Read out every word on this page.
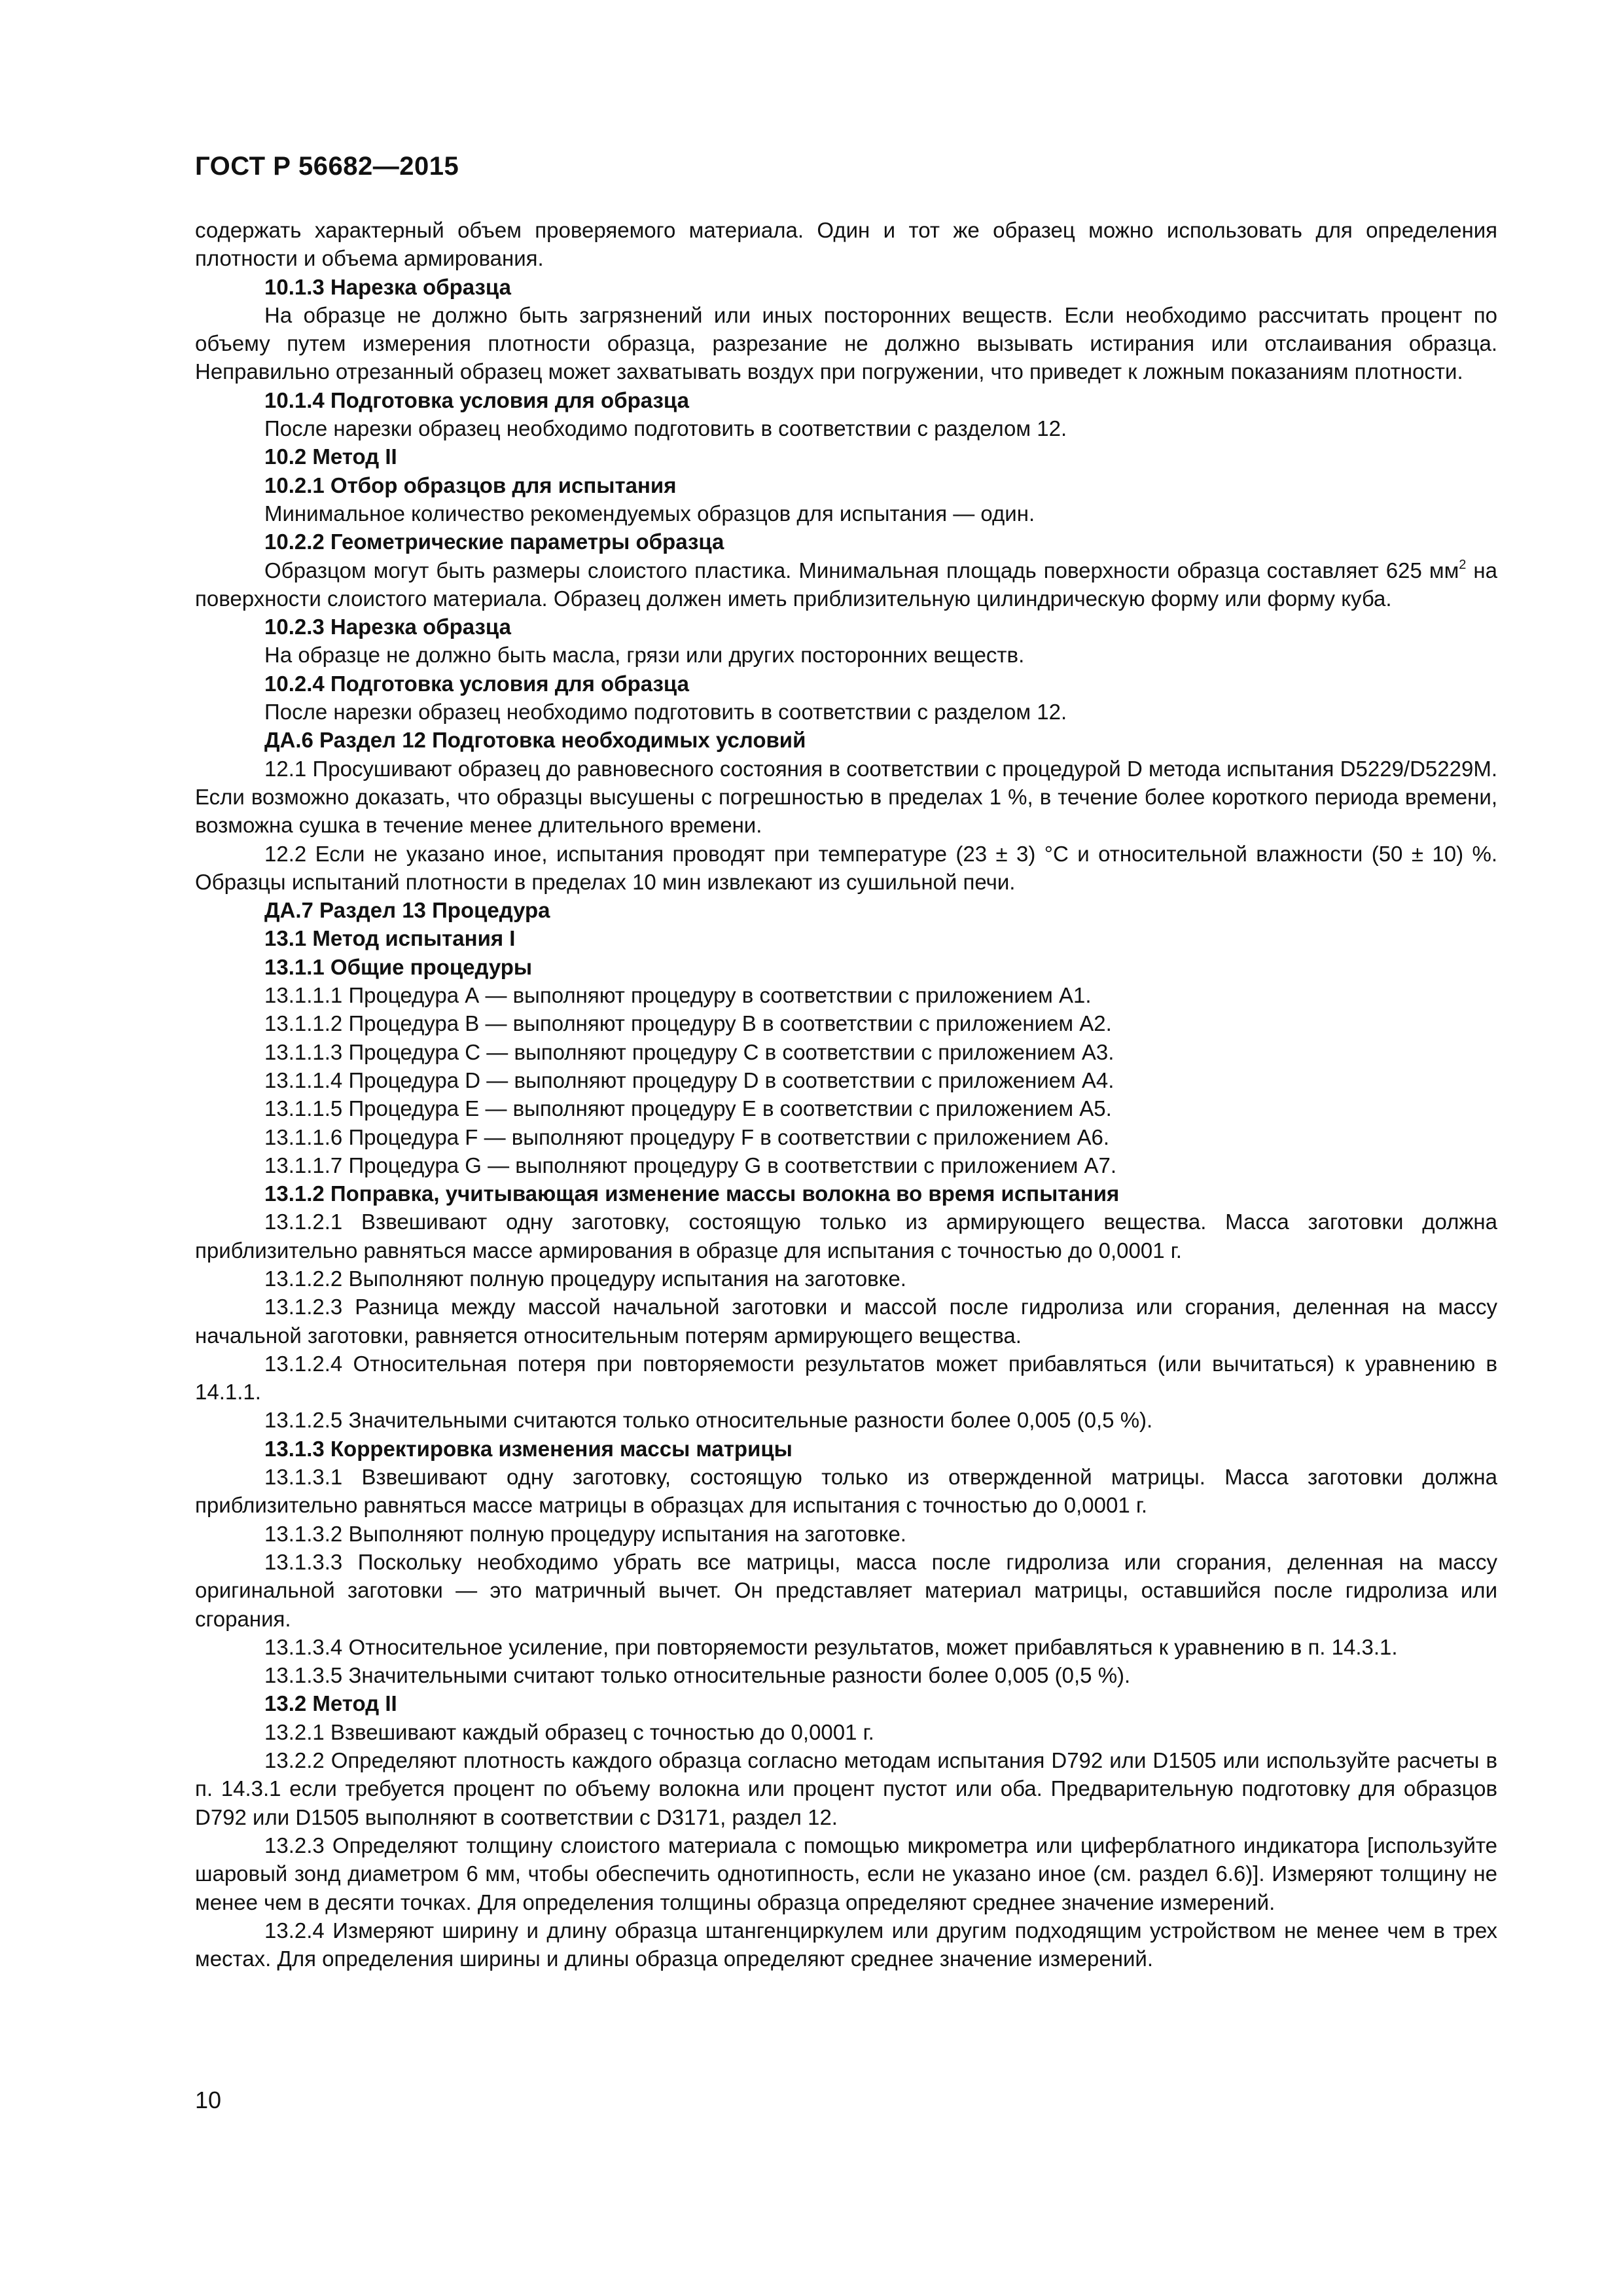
ГОСТ Р 56682—2015

содержать характерный объем проверяемого материала. Один и тот же образец можно использовать для определения плотности и объема армирования.

10.1.3 Нарезка образца

На образце не должно быть загрязнений или иных посторонних веществ. Если необходимо рассчитать процент по объему путем измерения плотности образца, разрезание не должно вызывать истирания или отслаивания образца. Неправильно отрезанный образец может захватывать воздух при погружении, что приведет к ложным показаниям плотности.

10.1.4 Подготовка условия для образца

После нарезки образец необходимо подготовить в соответствии с разделом 12.

10.2 Метод II

10.2.1 Отбор образцов для испытания

Минимальное количество рекомендуемых образцов для испытания — один.

10.2.2 Геометрические параметры образца

Образцом могут быть размеры слоистого пластика. Минимальная площадь поверхности образца составляет 625 $мм^2$ на поверхности слоистого материала. Образец должен иметь приблизительную цилиндрическую форму или форму куба.

10.2.3 Нарезка образца

На образце не должно быть масла, грязи или других посторонних веществ.

10.2.4 Подготовка условия для образца

После нарезки образец необходимо подготовить в соответствии с разделом 12.

ДА.6 Раздел 12 Подготовка необходимых условий

12.1 Просушивают образец до равновесного состояния в соответствии с процедурой D метода испытания D5229/D5229M. Если возможно доказать, что образцы высушены с погрешностью в пределах 1 %, в течение более короткого периода времени, возможна сушка в течение менее длительного времени.

12.2 Если не указано иное, испытания проводят при температуре (23 ± 3) °С и относительной влажности (50 ± 10) %. Образцы испытаний плотности в пределах 10 мин извлекают из сушильной печи.

ДА.7 Раздел 13 Процедура

13.1 Метод испытания I

13.1.1 Общие процедуры

13.1.1.1 Процедура А — выполняют процедуру в соответствии с приложением А1.

13.1.1.2 Процедура В — выполняют процедуру В в соответствии с приложением А2.

13.1.1.3 Процедура С — выполняют процедуру С в соответствии с приложением А3.

13.1.1.4 Процедура D — выполняют процедуру D в соответствии с приложением А4.

13.1.1.5 Процедура Е — выполняют процедуру Е в соответствии с приложением А5.

13.1.1.6 Процедура F — выполняют процедуру F в соответствии с приложением А6.

13.1.1.7 Процедура G — выполняют процедуру G в соответствии с приложением А7.

13.1.2 Поправка, учитывающая изменение массы волокна во время испытания

13.1.2.1 Взвешивают одну заготовку, состоящую только из армирующего вещества. Масса заготовки должна приблизительно равняться массе армирования в образце для испытания с точностью до 0,0001 г.

13.1.2.2 Выполняют полную процедуру испытания на заготовке.

13.1.2.3 Разница между массой начальной заготовки и массой после гидролиза или сгорания, деленная на массу начальной заготовки, равняется относительным потерям армирующего вещества.

13.1.2.4 Относительная потеря при повторяемости результатов может прибавляться (или вычитаться) к уравнению в 14.1.1.

13.1.2.5 Значительными считаются только относительные разности более 0,005 (0,5 %).

13.1.3 Корректировка изменения массы матрицы

13.1.3.1 Взвешивают одну заготовку, состоящую только из отвержденной матрицы. Масса заготовки должна приблизительно равняться массе матрицы в образцах для испытания с точностью до 0,0001 г.

13.1.3.2 Выполняют полную процедуру испытания на заготовке.

13.1.3.3 Поскольку необходимо убрать все матрицы, масса после гидролиза или сгорания, деленная на массу оригинальной заготовки — это матричный вычет. Он представляет материал матрицы, оставшийся после гидролиза или сгорания.

13.1.3.4 Относительное усиление, при повторяемости результатов, может прибавляться к уравнению в п. 14.3.1.

13.1.3.5 Значительными считают только относительные разности более 0,005 (0,5 %).

13.2 Метод II

13.2.1 Взвешивают каждый образец с точностью до 0,0001 г.

13.2.2 Определяют плотность каждого образца согласно методам испытания D792 или D1505 или используйте расчеты в п. 14.3.1 если требуется процент по объему волокна или процент пустот или оба. Предварительную подготовку для образцов D792 или D1505 выполняют в соответствии с D3171, раздел 12.

13.2.3 Определяют толщину слоистого материала с помощью микрометра или циферблатного индикатора [используйте шаровый зонд диаметром 6 мм, чтобы обеспечить однотипность, если не указано иное (см. раздел 6.6)]. Измеряют толщину не менее чем в десяти точках. Для определения толщины образца определяют среднее значение измерений.

13.2.4 Измеряют ширину и длину образца штангенциркулем или другим подходящим устройством не менее чем в трех местах. Для определения ширины и длины образца определяют среднее значение измерений.

10
